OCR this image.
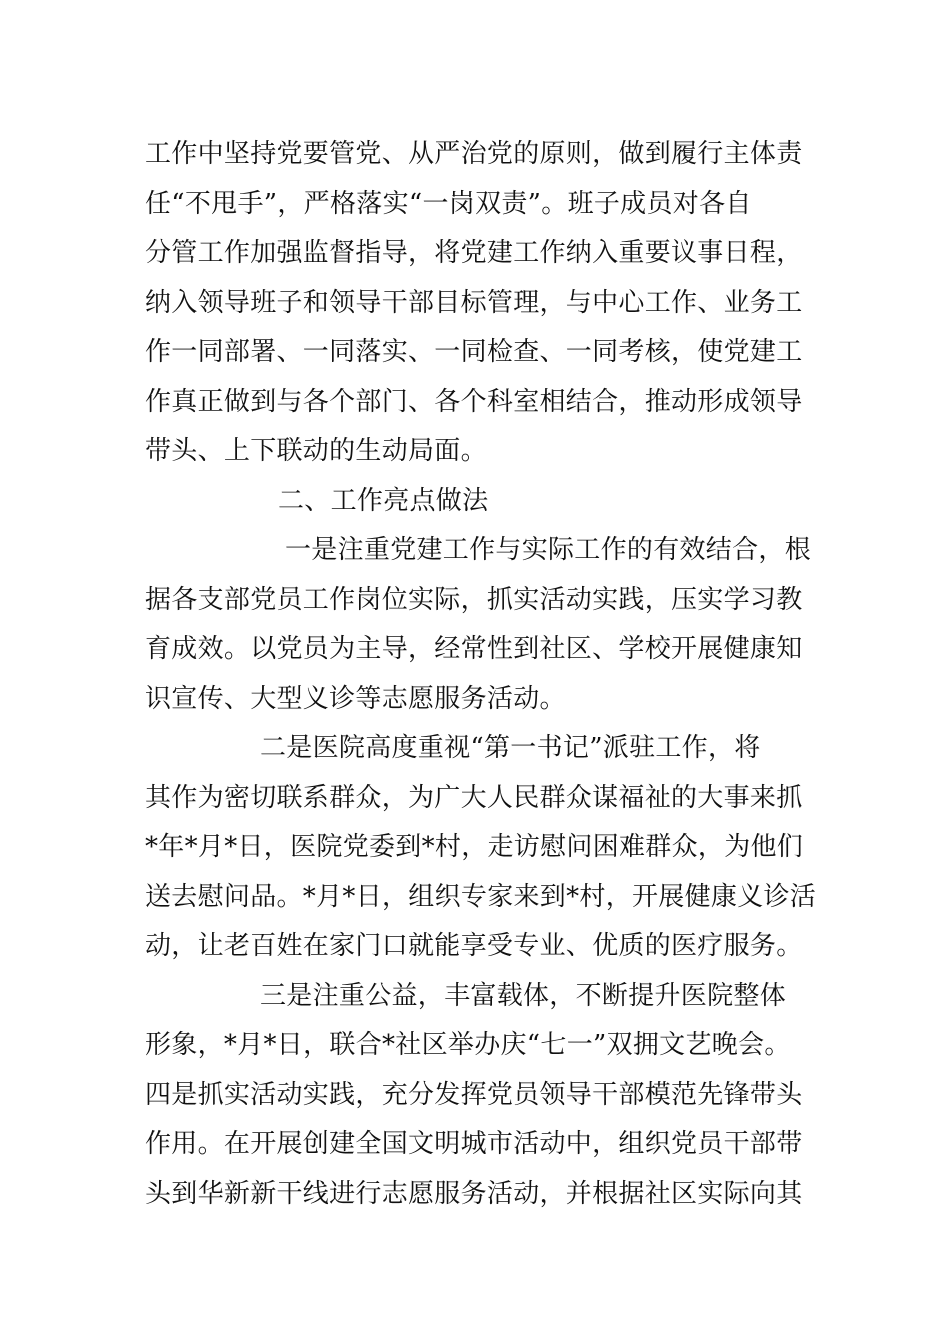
工作中坚持党要管党、从严治党的原则，做到履行主体责
任“不甩手”，严格落实“一岗双责”。班子成员对各自
分管工作加强监督指导，将党建工作纳入重要议事日程，
纳入领导班子和领导干部目标管理，与中心工作、业务工
作一同部署、一同落实、一同检查、一同考核，使党建工
作真正做到与各个部门、各个科室相结合，推动形成领导
带头、上下联动的生动局面。
二、工作亮点做法
一是注重党建工作与实际工作的有效结合，根
据各支部党员工作岗位实际，抓实活动实践，压实学习教
育成效。以党员为主导，经常性到社区、学校开展健康知
识宣传、大型义诊等志愿服务活动。
二是医院高度重视“第一书记”派驻工作，将
其作为密切联系群众，为广大人民群众谋福祉的大事来抓
*年*月*日，医院党委到*村，走访慰问困难群众，为他们
送去慰问品。*月*日，组织专家来到*村，开展健康义诊活
动，让老百姓在家门口就能享受专业、优质的医疗服务。
三是注重公益，丰富载体，不断提升医院整体
形象，*月*日，联合*社区举办庆“七一”双拥文艺晚会。
四是抓实活动实践，充分发挥党员领导干部模范先锋带头
作用。在开展创建全国文明城市活动中，组织党员干部带
头到华新新干线进行志愿服务活动，并根据社区实际向其
